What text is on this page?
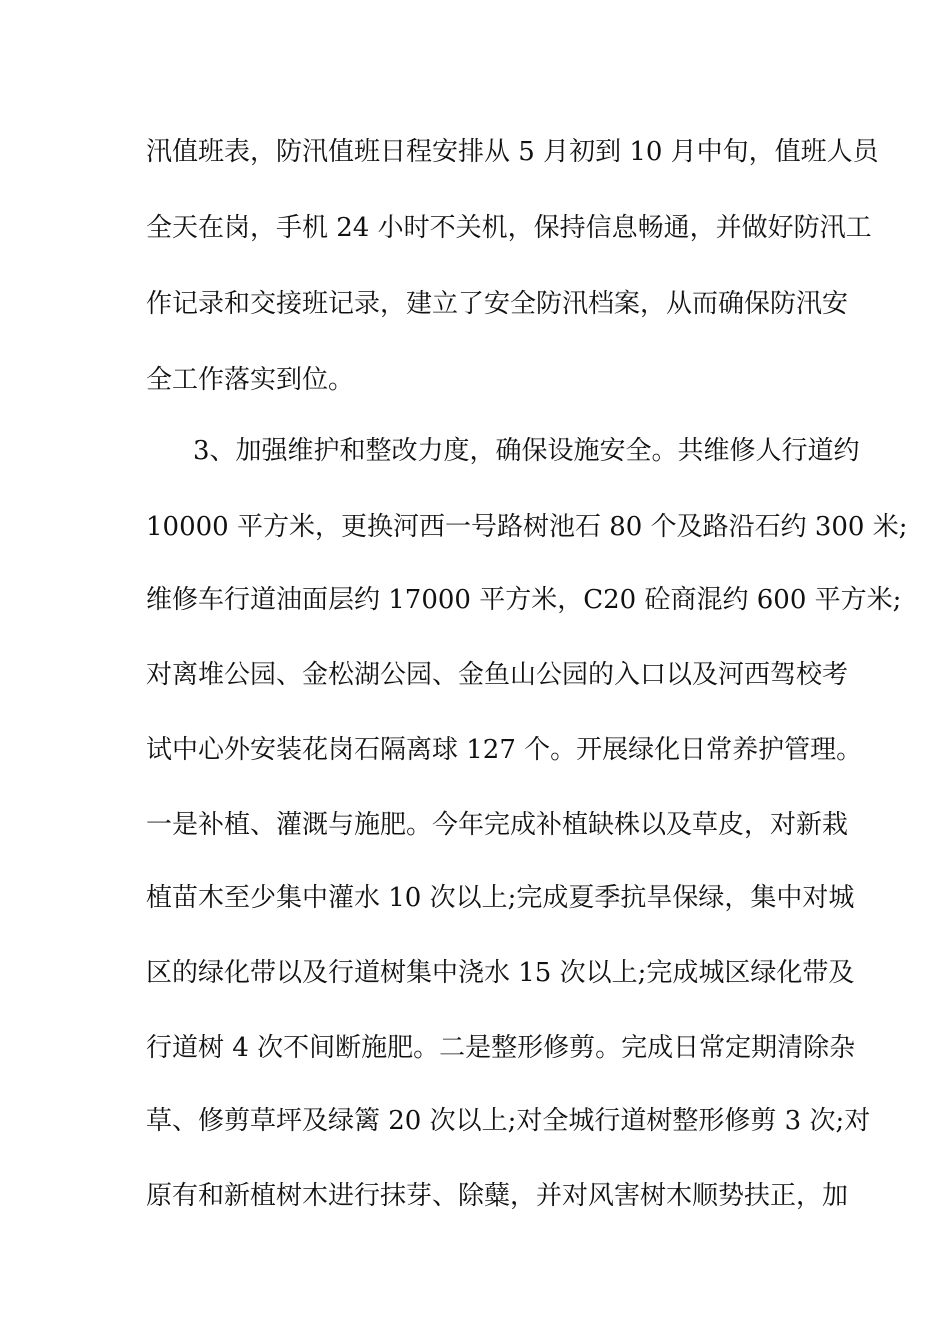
汛值班表，防汛值班日程安排从 5 月初到 10 月中旬，值班人员
全天在岗，手机 24 小时不关机，保持信息畅通，并做好防汛工
作记录和交接班记录，建立了安全防汛档案，从而确保防汛安
全工作落实到位。
3、加强维护和整改力度，确保设施安全。共维修人行道约
10000 平方米，更换河西一号路树池石 80 个及路沿石约 300 米;
维修车行道油面层约 17000 平方米，C20 砼商混约 600 平方米;
对离堆公园、金松湖公园、金鱼山公园的入口以及河西驾校考
试中心外安装花岗石隔离球 127 个。开展绿化日常养护管理。
一是补植、灌溉与施肥。今年完成补植缺株以及草皮，对新栽
植苗木至少集中灌水 10 次以上;完成夏季抗旱保绿，集中对城
区的绿化带以及行道树集中浇水 15 次以上;完成城区绿化带及
行道树 4 次不间断施肥。二是整形修剪。完成日常定期清除杂
草、修剪草坪及绿篱 20 次以上;对全城行道树整形修剪 3 次;对
原有和新植树木进行抹芽、除糵，并对风害树木顺势扶正，加
